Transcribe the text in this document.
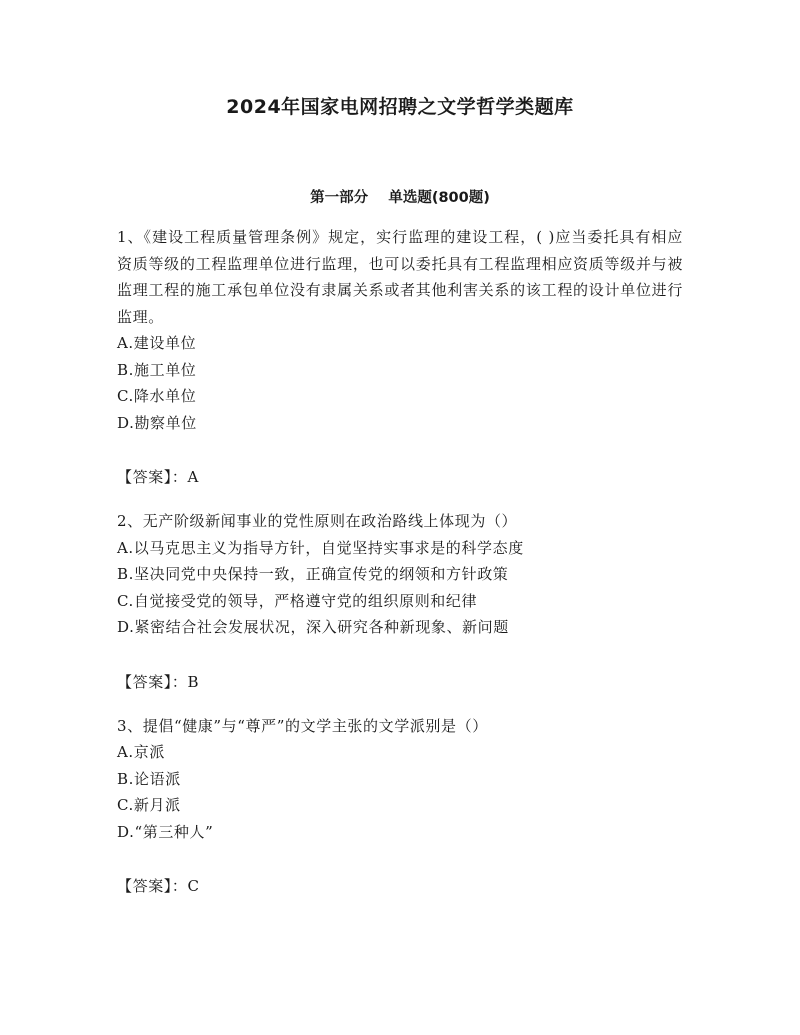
2024年国家电网招聘之文学哲学类题库
第一部分    单选题(800题)
1、《建设工程质量管理条例》规定，实行监理的建设工程，( )应当委托具有相应资质等级的工程监理单位进行监理，也可以委托具有工程监理相应资质等级并与被监理工程的施工承包单位没有隶属关系或者其他利害关系的该工程的设计单位进行监理。
A.建设单位
B.施工单位
C.降水单位
D.勘察单位
【答案】：A
2、无产阶级新闻事业的党性原则在政治路线上体现为（）
A.以马克思主义为指导方针，自觉坚持实事求是的科学态度
B.坚决同党中央保持一致，正确宣传党的纲领和方针政策
C.自觉接受党的领导，严格遵守党的组织原则和纪律
D.紧密结合社会发展状况，深入研究各种新现象、新问题
【答案】：B
3、提倡“健康”与“尊严”的文学主张的文学派别是（）
A.京派
B.论语派
C.新月派
D.“第三种人”
【答案】：C
